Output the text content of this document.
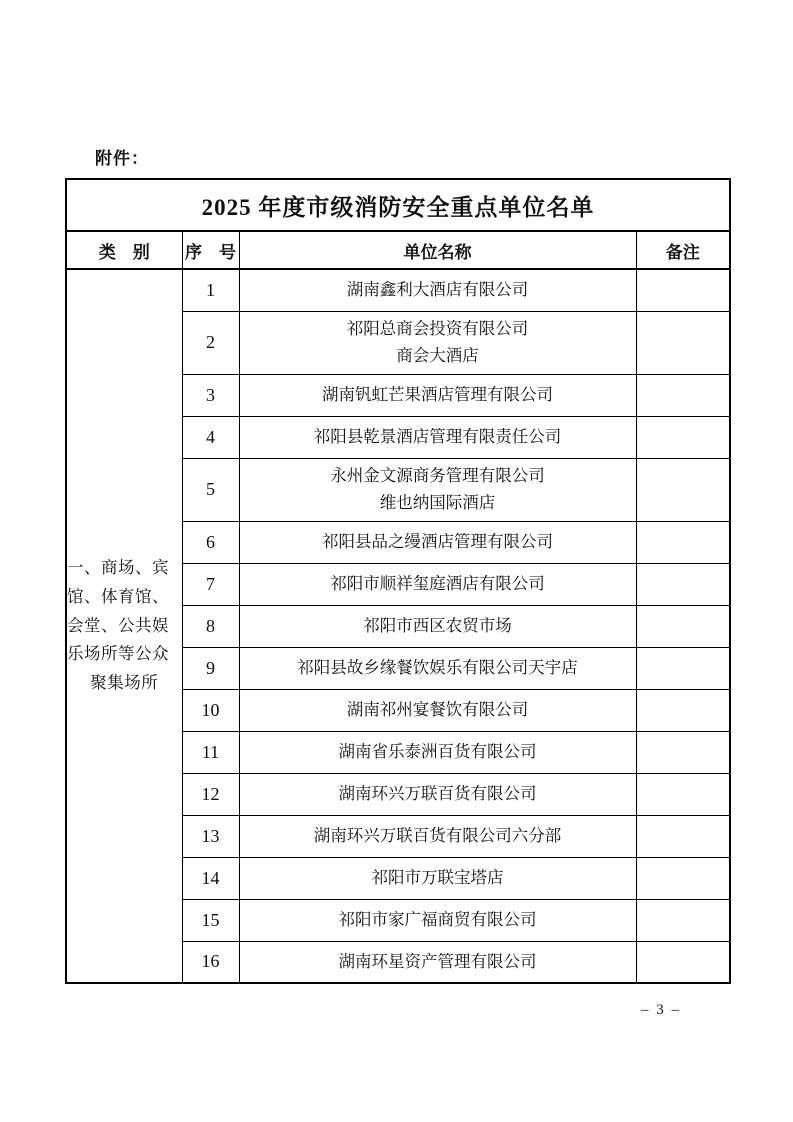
附件：
2025 年度市级消防安全重点单位名单			
类　别	序　号	单位名称	备注

一、商场、宾
馆、体育馆、
会堂、公共娱
乐场所等公众
聚集场所	1	湖南鑫利大酒店有限公司	

	2	祁阳总商会投资有限公司
商会大酒店	

	3	湖南钒虹芒果酒店管理有限公司	

	4	祁阳县乾景酒店管理有限责任公司	

	5	永州金文源商务管理有限公司
维也纳国际酒店	

	6	祁阳县品之缦酒店管理有限公司	

	7	祁阳市顺祥玺庭酒店有限公司	

	8	祁阳市西区农贸市场	

	9	祁阳县故乡缘餐饮娱乐有限公司天宇店	

	10	湖南祁州宴餐饮有限公司	

	11	湖南省乐泰洲百货有限公司	

	12	湖南环兴万联百货有限公司	

	13	湖南环兴万联百货有限公司六分部	

	14	祁阳市万联宝塔店	

	15	祁阳市家广福商贸有限公司	

	16	湖南环星资产管理有限公司	

– 3 –
